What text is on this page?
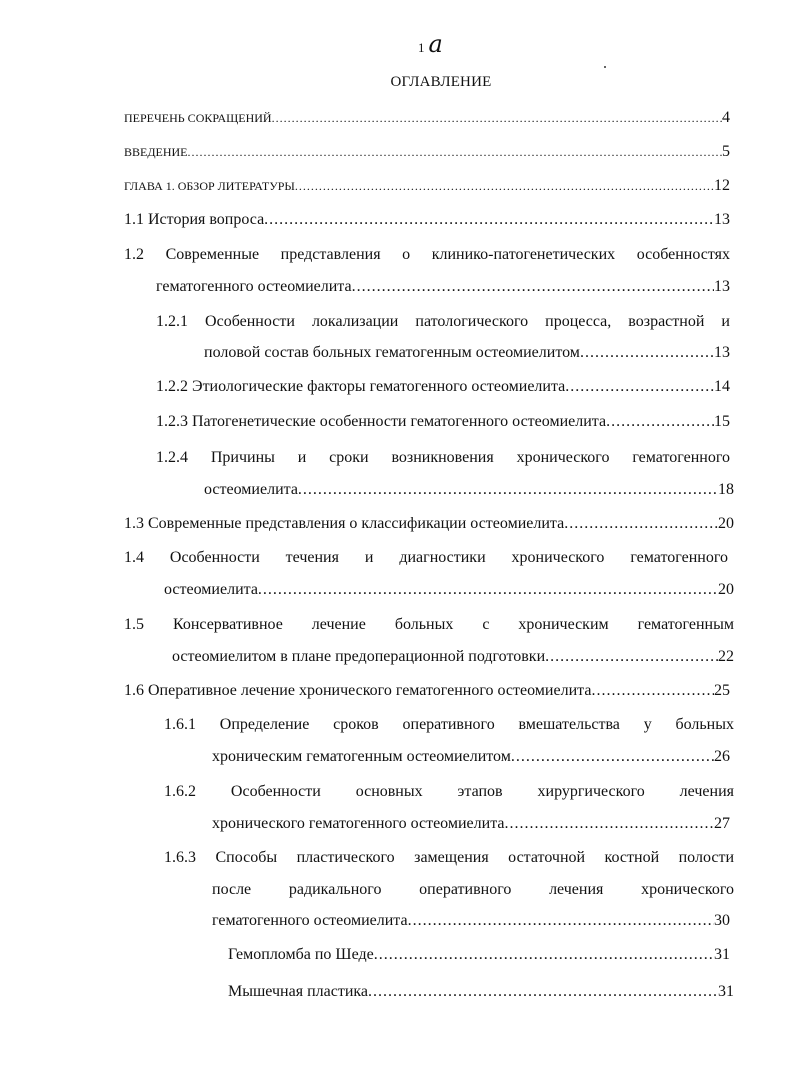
1 a
ОГЛАВЛЕНИЕ
ПЕРЕЧЕНЬ СОКРАЩЕНИЙ .....	4
ВВЕДЕНИЕ .....	5
ГЛАВА 1. ОБЗОР ЛИТЕРАТУРЫ .....	12
1.1 История вопроса .....	13
1.2 Современные представления о клинико-патогенетических особенностях
гематогенного остеомиелита .....	13
1.2.1 Особенности локализации патологического процесса, возрастной и
половой состав больных гематогенным остеомиелитом .....	13
1.2.2 Этиологические факторы гематогенного остеомиелита .....	14
1.2.3 Патогенетические особенности гематогенного остеомиелита .....	15
1.2.4 Причины и сроки возникновения хронического гематогенного
остеомиелита .....	18
1.3 Современные представления о классификации остеомиелита .....	20
1.4 Особенности течения и диагностики хронического гематогенного
остеомиелита .....	20
1.5 Консервативное лечение больных с хроническим гематогенным
остеомиелитом в плане предоперационной подготовки .....	22
1.6 Оперативное лечение хронического гематогенного остеомиелита .....	25
1.6.1 Определение сроков оперативного вмешательства у больных
хроническим гематогенным остеомиелитом .....	26
1.6.2 Особенности основных этапов хирургического лечения
хронического гематогенного остеомиелита .....	27
1.6.3 Способы пластического замещения остаточной костной полости
после радикального оперативного лечения хронического
гематогенного остеомиелита .....	30
Гемопломба по Шеде .....	31
Мышечная пластика .....	31
